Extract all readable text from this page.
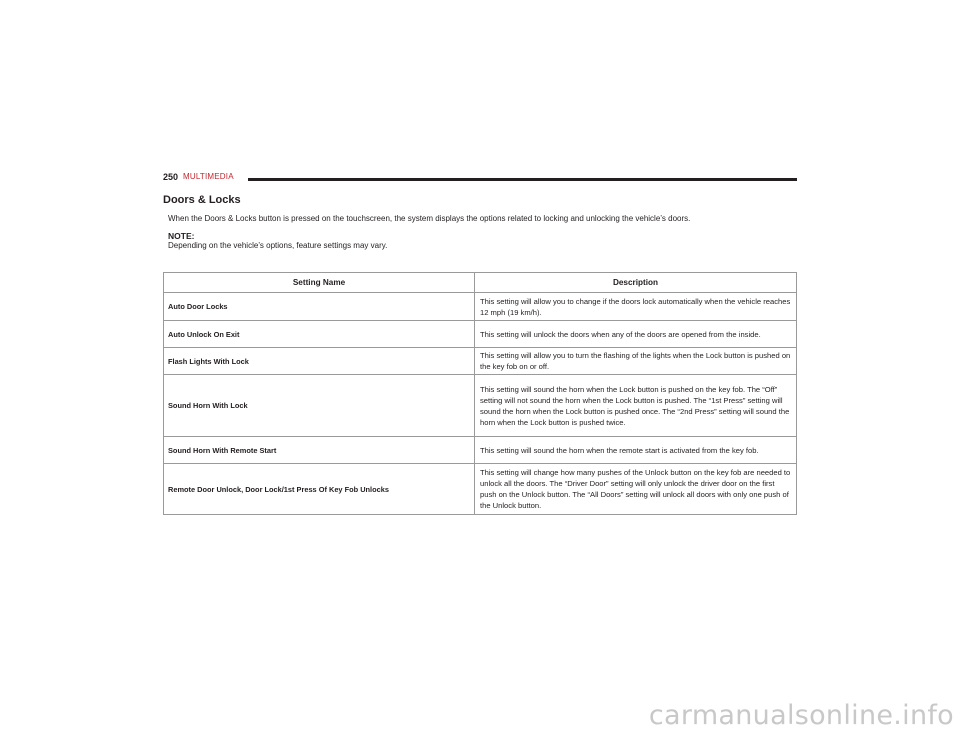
250 MULTIMEDIA
Doors & Locks

When the Doors & Locks button is pressed on the touchscreen, the system displays the options related to locking and unlocking the vehicle’s doors.

NOTE:

Depending on the vehicle’s options, feature settings may vary.

Setting Name	Description
Auto Door Locks	This setting will allow you to change if the doors lock automatically when the vehicle reaches 12 mph (19 km/h).
Auto Unlock On Exit	This setting will unlock the doors when any of the doors are opened from the inside.
Flash Lights With Lock	This setting will allow you to turn the flashing of the lights when the Lock button is pushed on the key fob on or off.
Sound Horn With Lock	This setting will sound the horn when the Lock button is pushed on the key fob. The “Off” setting will not sound the horn when the Lock button is pushed. The “1st Press” setting will sound the horn when the Lock button is pushed once. The “2nd Press” setting will sound the horn when the Lock button is pushed twice.
Sound Horn With Remote Start	This setting will sound the horn when the remote start is activated from the key fob.
Remote Door Unlock, Door Lock/1st Press Of Key Fob Unlocks	This setting will change how many pushes of the Unlock button on the key fob are needed to unlock all the doors. The “Driver Door” setting will only unlock the driver door on the first push on the Unlock button. The “All Doors” setting will unlock all doors with only one push of the Unlock button.
carmanualsonline.info
